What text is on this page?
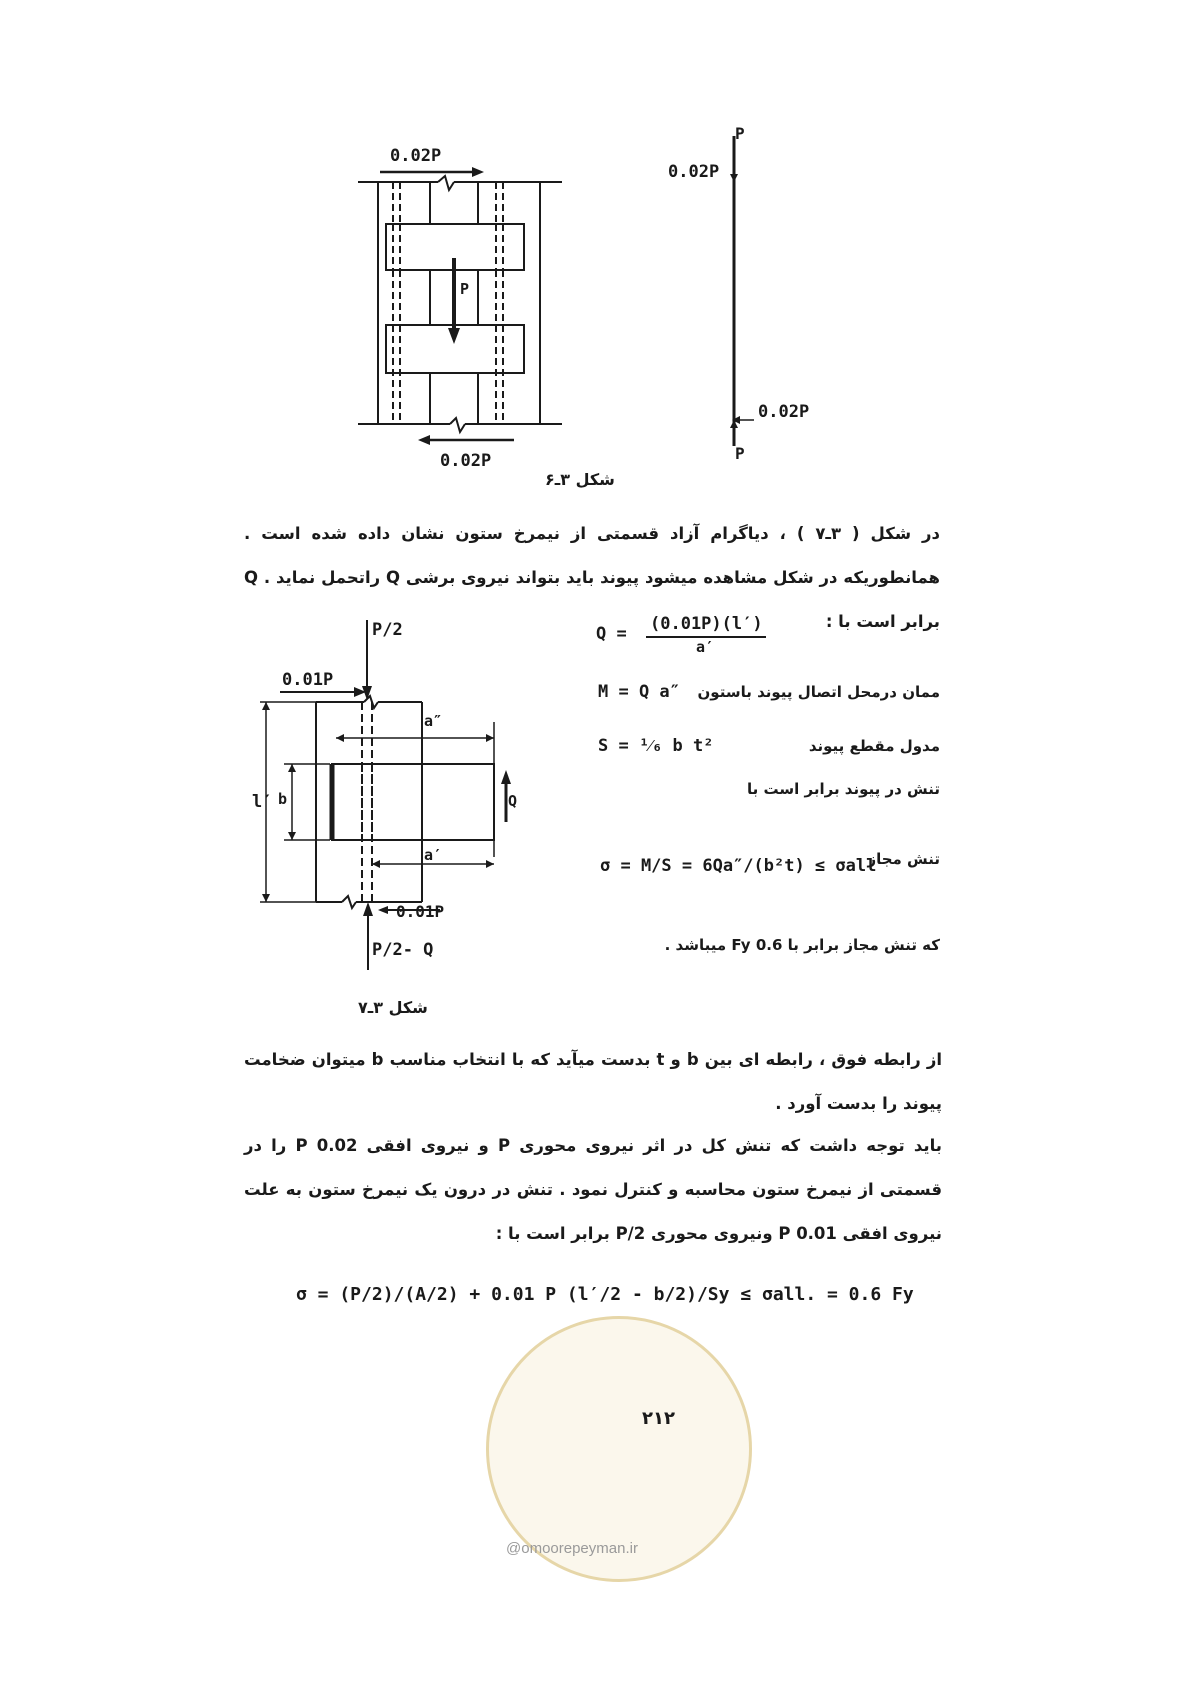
0.02P
P
0.02P
P
0.02P
0.02P
P
شکل ۳ـ۶
در شکل ( ۳ـ۷ ) ، دیاگرام آزاد قسمتی از نیمرخ ستون نشان داده شده است . همانطوریکه در شکل مشاهده میشود پیوند باید بتواند نیروی برشی Q راتحمل نماید . Q برابر است با :
P/2
0.01P
a″
b
l′	Q
a′
0.01P
P/2- Q
شکل ۳ـ۷
Q = (0.01P)(l′)
a′
M = Q a″ ممان درمحل اتصال پیوند باستون
S = ¹⁄₆ b t²	مدول مقطع پیوند
تنش در پیوند برابر است با
σ = M/S = 6Qa″/(b²t) ≤ σall
تنش مجاز
که تنش مجاز برابر با 0.6 Fy میباشد .
از رابطه فوق ، رابطه ای بین b و t بدست میآید که با انتخاب مناسب b میتوان ضخامت پیوند را بدست آورد .
باید توجه داشت که تنش کل در اثر نیروی محوری P و نیروی افقی 0.02 P را در قسمتی از نیمرخ ستون محاسبه و کنترل نمود . تنش در درون یک نیمرخ ستون به علت نیروی افقی 0.01 P ونیروی محوری P/2 برابر است با :
σ = (P/2)/(A/2) + 0.01 P (l′/2 - b/2)/Sy ≤ σall. = 0.6 Fy
۲۱۲
@omoorepeyman.ir
